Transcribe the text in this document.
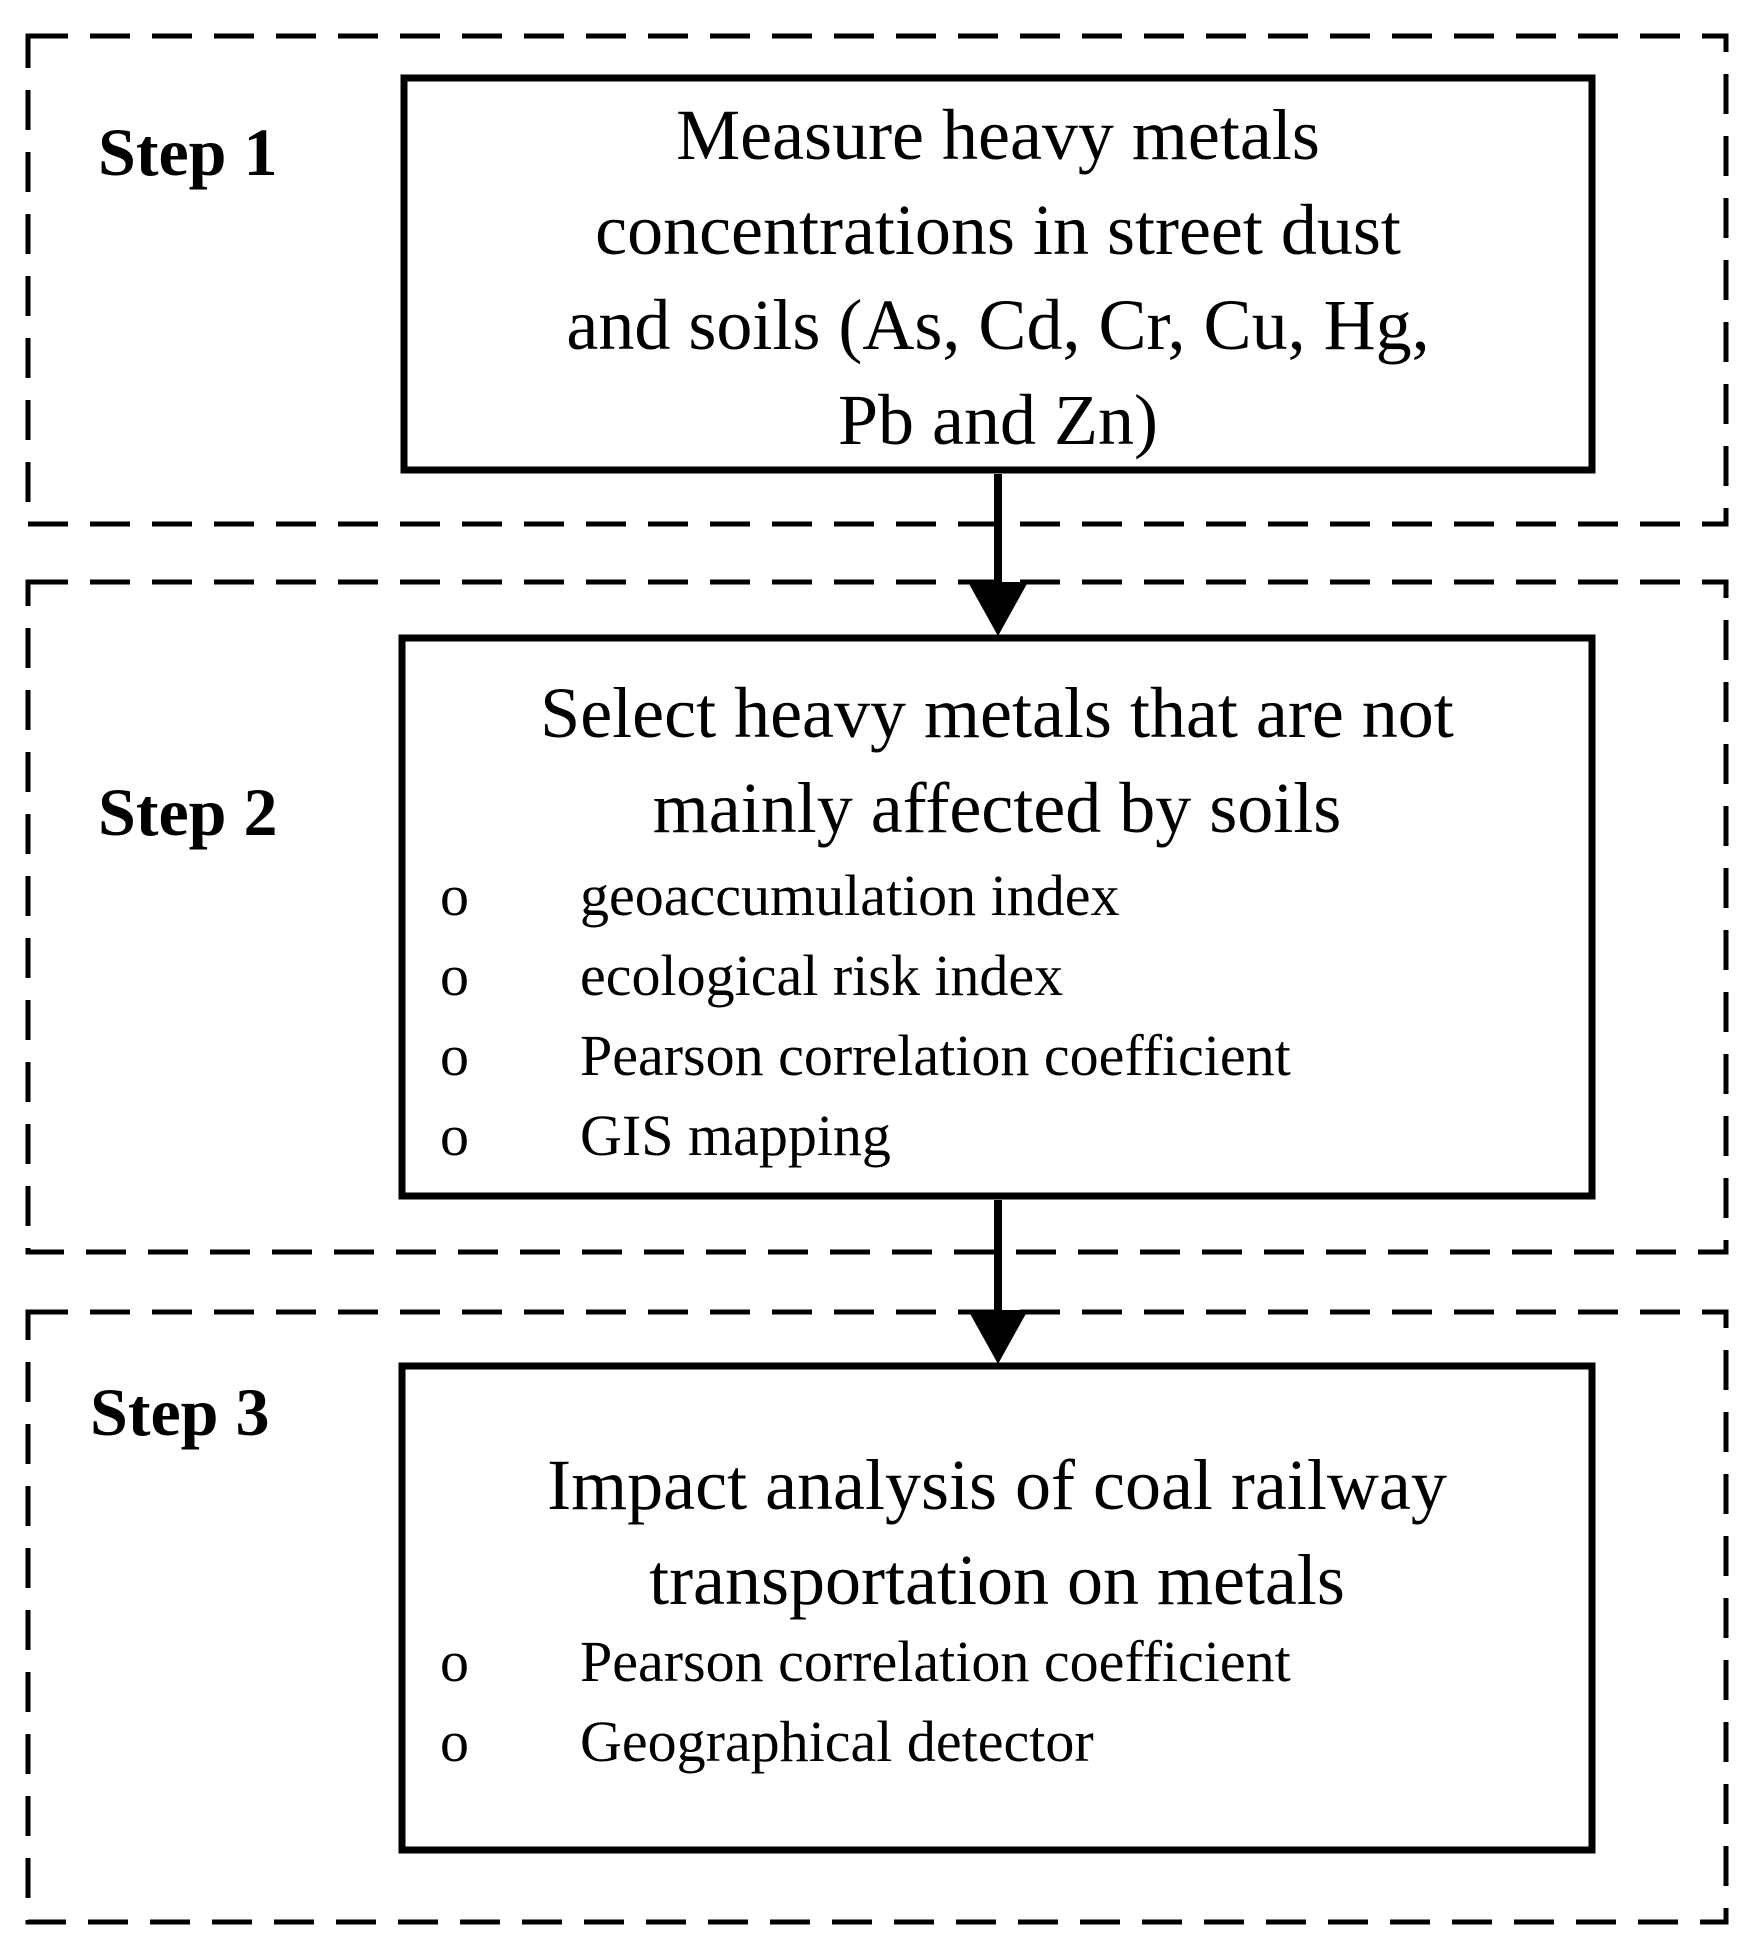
Step 1
Step 2
Step 3
Measure heavy metals
concentrations in street dust
and soils (As, Cd, Cr, Cu, Hg,
Pb and Zn)
Select heavy metals that are not
mainly affected by soils
o geoaccumulation index
o ecological risk index
o Pearson correlation coefficient
o GIS mapping
Impact analysis of coal railway
transportation on metals
o Pearson correlation coefficient
o Geographical detector
